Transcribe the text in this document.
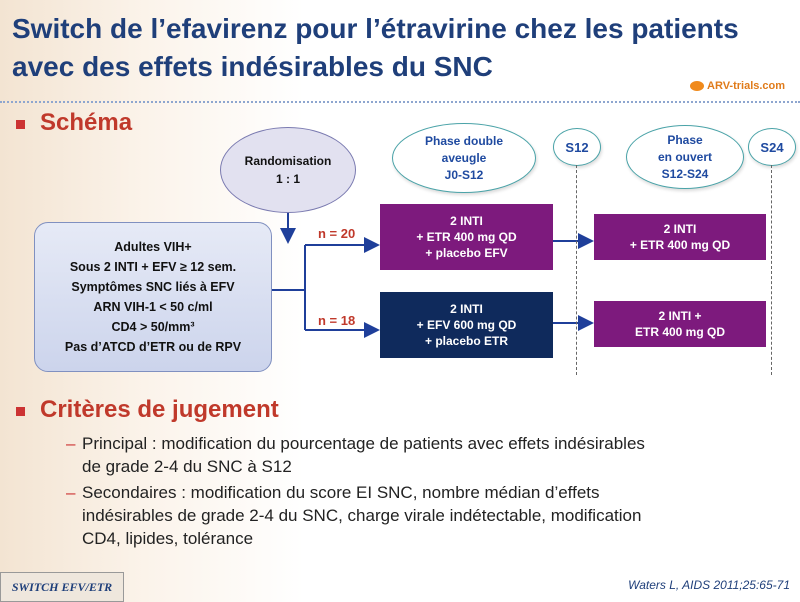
Switch de l’efavirenz pour l’étravirine chez les patients
avec des effets indésirables du SNC
ARV-trials.com
Schéma
Randomisation
1 : 1
Phase double
aveugle
J0-S12
S12	Phase
en ouvert
S12-S24
S24
Adultes VIH+
Sous 2 INTI + EFV ≥ 12 sem.
Symptômes SNC liés à EFV
ARN VIH-1 < 50 c/ml
CD4 > 50/mm³
Pas d’ATCD d’ETR ou de RPV
n = 20
n = 18
2 INTI
+ ETR 400 mg QD
+ placebo EFV
2 INTI
+ EFV 600 mg QD
+ placebo ETR
2 INTI
+ ETR 400 mg QD
2 INTI +
ETR 400 mg QD
Critères de jugement
– Principal : modification du pourcentage de patients avec effets indésirables
de grade 2-4 du SNC à S12
– Secondaires : modification du score EI SNC, nombre médian d’effets
indésirables de grade 2-4 du SNC, charge virale indétectable, modification
CD4, lipides, tolérance
SWITCH EFV/ETR	Waters L, AIDS 2011;25:65-71
